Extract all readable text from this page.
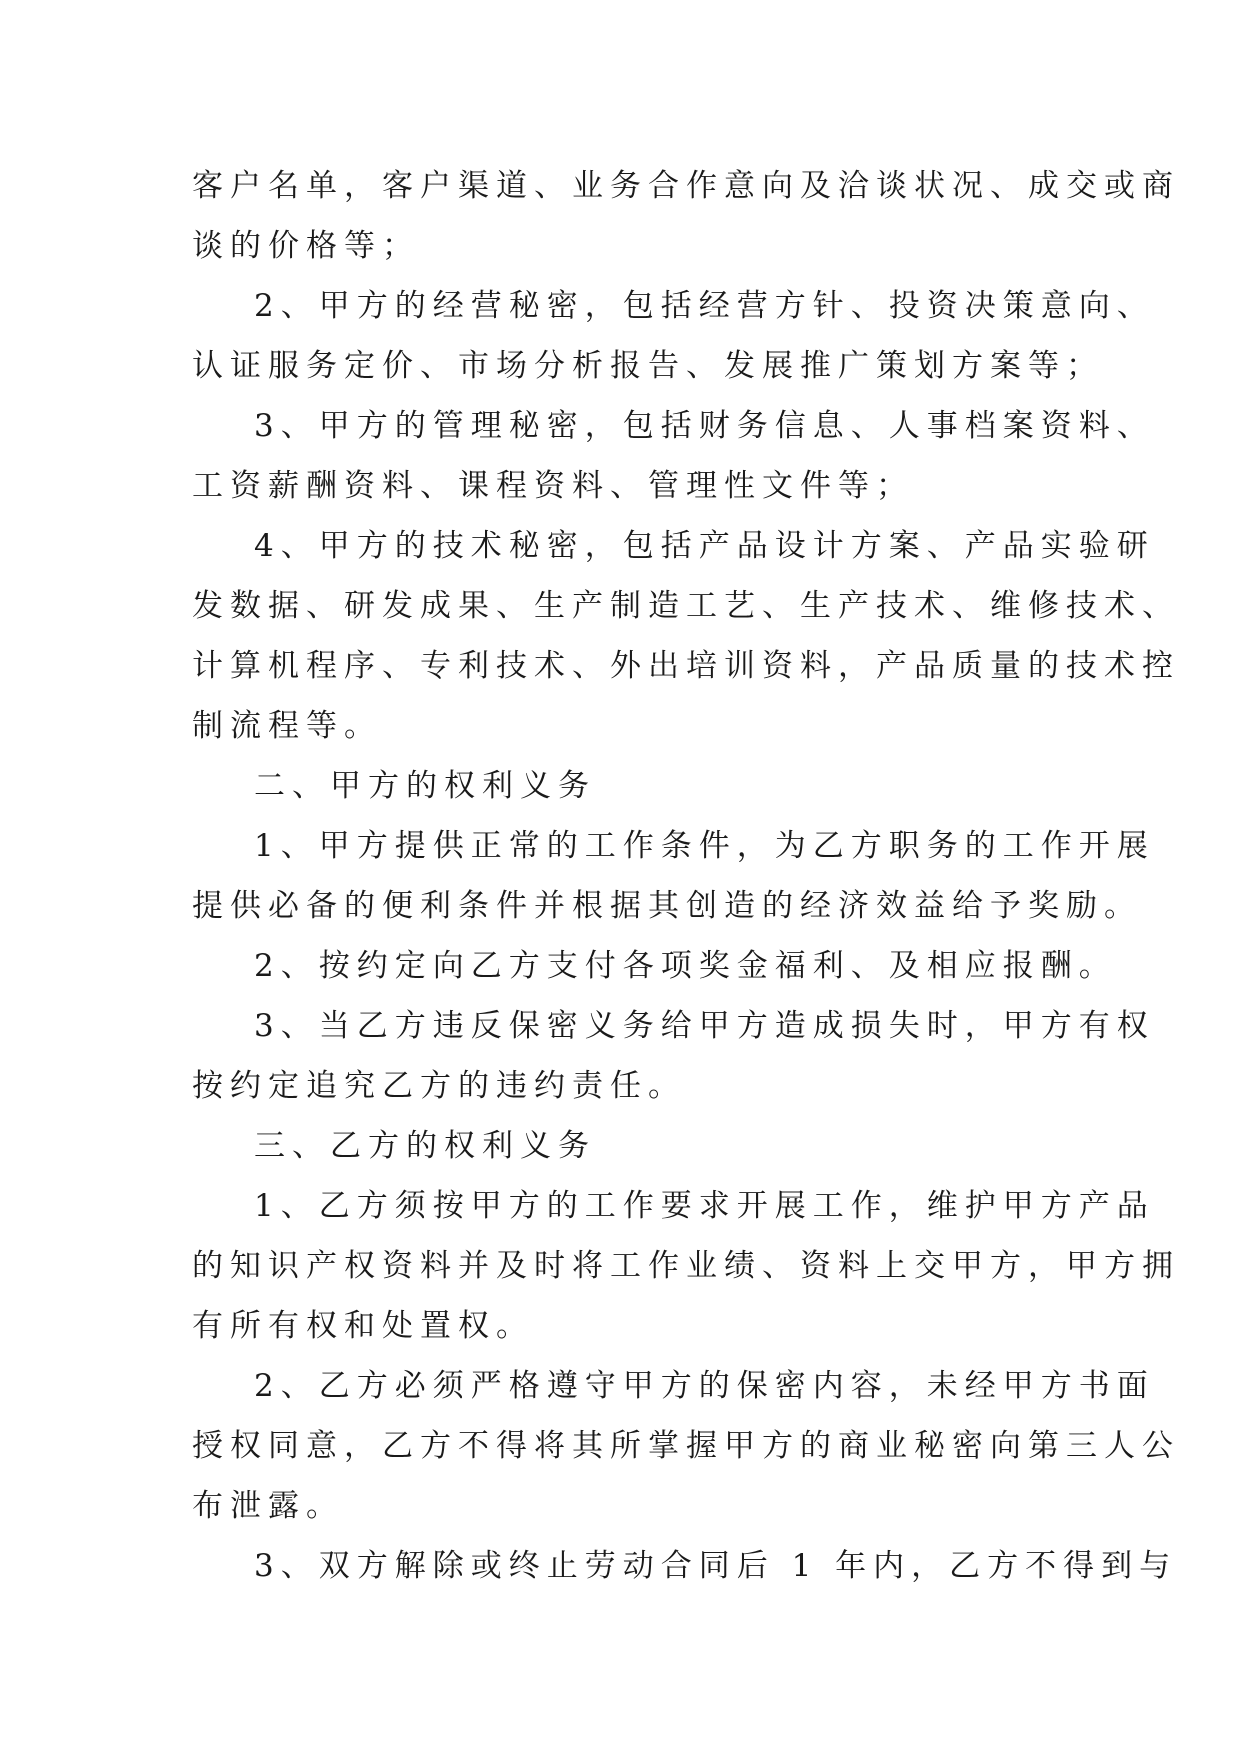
客户名单，客户渠道、业务合作意向及洽谈状况、成交或商
谈的价格等；
2、甲方的经营秘密，包括经营方针、投资决策意向、
认证服务定价、市场分析报告、发展推广策划方案等；
3、甲方的管理秘密，包括财务信息、人事档案资料、
工资薪酬资料、课程资料、管理性文件等；
4、甲方的技术秘密，包括产品设计方案、产品实验研
发数据、研发成果、生产制造工艺、生产技术、维修技术、
计算机程序、专利技术、外出培训资料，产品质量的技术控
制流程等。
二、甲方的权利义务
1、甲方提供正常的工作条件，为乙方职务的工作开展
提供必备的便利条件并根据其创造的经济效益给予奖励。
2、按约定向乙方支付各项奖金福利、及相应报酬。
3、当乙方违反保密义务给甲方造成损失时，甲方有权
按约定追究乙方的违约责任。
三、乙方的权利义务
1、乙方须按甲方的工作要求开展工作，维护甲方产品
的知识产权资料并及时将工作业绩、资料上交甲方，甲方拥
有所有权和处置权。
2、乙方必须严格遵守甲方的保密内容，未经甲方书面
授权同意，乙方不得将其所掌握甲方的商业秘密向第三人公
布泄露。
3、双方解除或终止劳动合同后 1 年内，乙方不得到与
